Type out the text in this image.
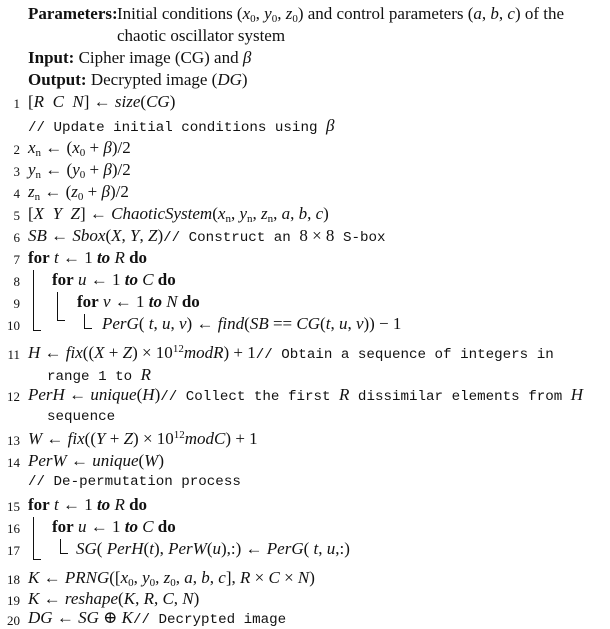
Parameters: Initial conditions ($x_0$, $y_0$, $z_0$) and control parameters (a, b, c) of the
chaotic oscillator system
Input: Cipher image (CG) and β
Output: Decrypted image (DG)
1 [R C N] ← size(CG)
// Update initial conditions using β
2 $x_n$ ← $(x_0 + \beta)/2$
3 $y_n$ ← $(y_0 + \beta)/2$
4 $z_n$ ← $(z_0 + \beta)/2$
5 [X Y Z] ← $ChaoticSystem(x_n$, $y_n$, $z_n$, a, b, c)
6 SB ← Sbox(X, Y, Z)// Construct an 8 × 8 S-box
7 for t ← 1 to R do
8 for u ← 1 to C do
9	for v ← 1 to N do
10	PerG( t, u, v) ← find(SB == CG(t, u, v)) − 1
11 H ← $fix((X + Z) \times 10^{12}modR) + 1//$ Obtain a sequence of integers in
range 1 to R
12 PerH ← unique(H)// Collect the first R dissimilar elements from H
sequence
13 W ← $fix((Y + Z) \times 10^{12}modC) + 1$
14 PerW ← unique(W)
// De-permutation process
15 for t ← 1 to R do
16 for u ← 1 to C do
17	SG( PerH(t), PerW(u),:) ← PerG( t, u,:)
18 K ← $PRNG([x_0$, $y_0$, $z_0$, a, b, c], R × C × N)
19 K ← reshape(K, R, C, N)
20 DG ← SG ⊕ K// Decrypted image
